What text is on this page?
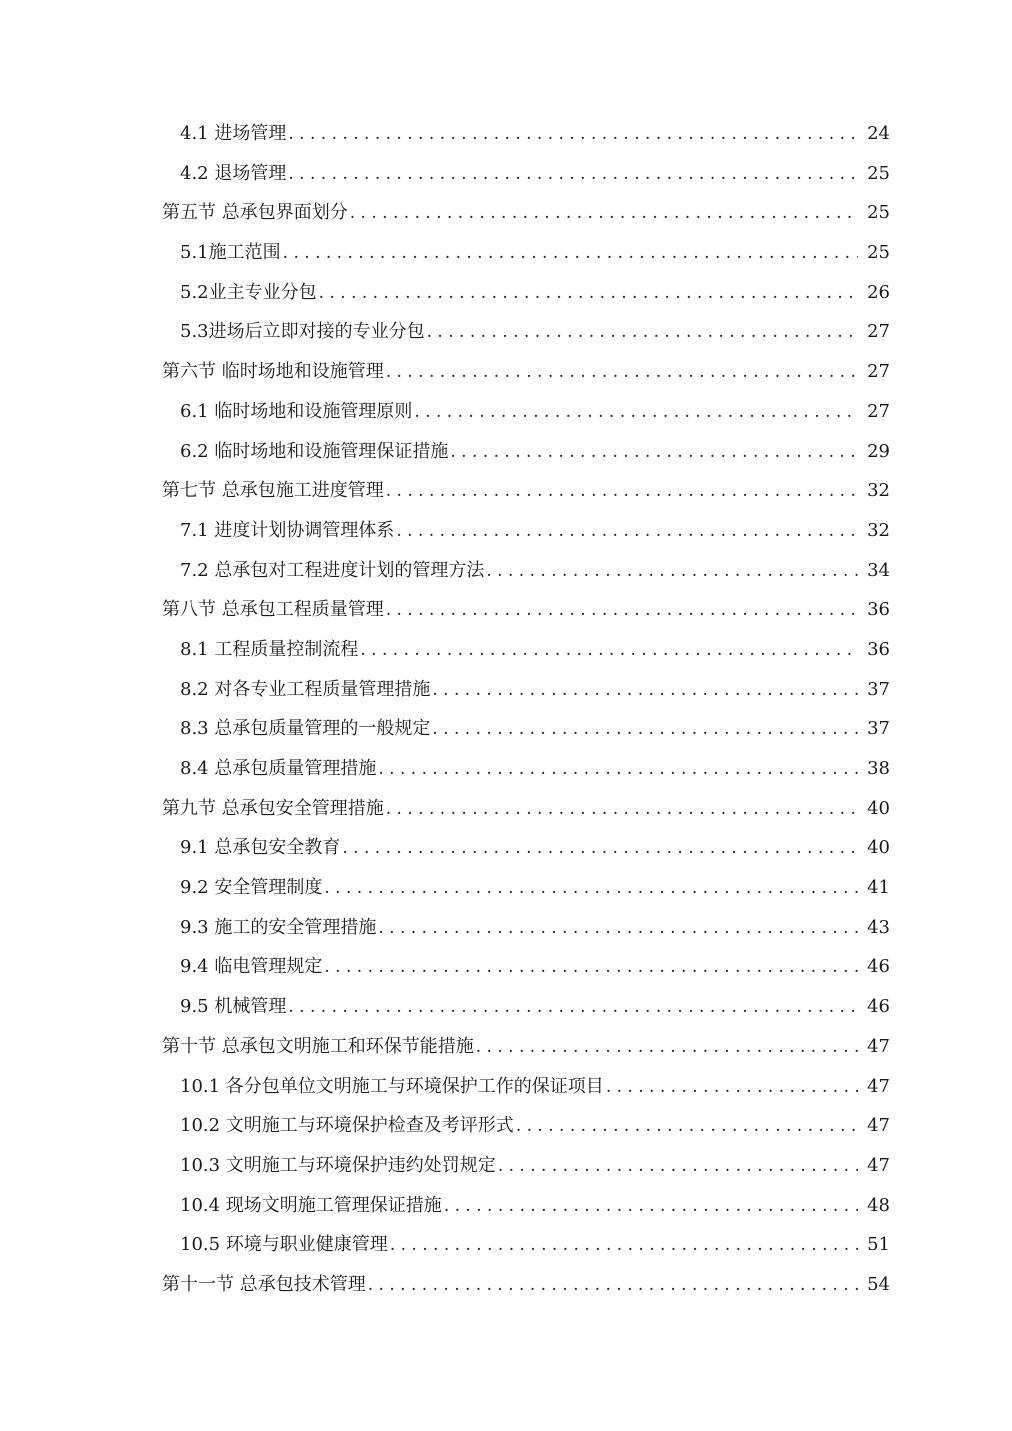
4.1 进场管理 . . .	24
4.2 退场管理 . . .	25
第五节 总承包界面划分 . . .	25
5.1施工范围 . . .	25
5.2业主专业分包 . . .	26
5.3进场后立即对接的专业分包 . . .	27
第六节 临时场地和设施管理 . . .	27
6.1 临时场地和设施管理原则 . . .	27
6.2 临时场地和设施管理保证措施 . . .	29
第七节 总承包施工进度管理 . . .	32
7.1 进度计划协调管理体系 . . .	32
7.2 总承包对工程进度计划的管理方法 . . .	34
第八节 总承包工程质量管理 . . .	36
8.1 工程质量控制流程 . . .	36
8.2 对各专业工程质量管理措施 . . .	37
8.3 总承包质量管理的一般规定 . . .	37
8.4 总承包质量管理措施 . . .	38
第九节 总承包安全管理措施 . . .	40
9.1 总承包安全教育 . . .	40
9.2 安全管理制度 . . .	41
9.3 施工的安全管理措施 . . .	43
9.4 临电管理规定 . . .	46
9.5 机械管理 . . .	46
第十节 总承包文明施工和环保节能措施 . . .	47
10.1 各分包单位文明施工与环境保护工作的保证项目 . . .	47
10.2 文明施工与环境保护检查及考评形式 . . .	47
10.3 文明施工与环境保护违约处罚规定 . . .	47
10.4 现场文明施工管理保证措施 . . .	48
10.5 环境与职业健康管理 . . .	51
第十一节 总承包技术管理 . . .	54
